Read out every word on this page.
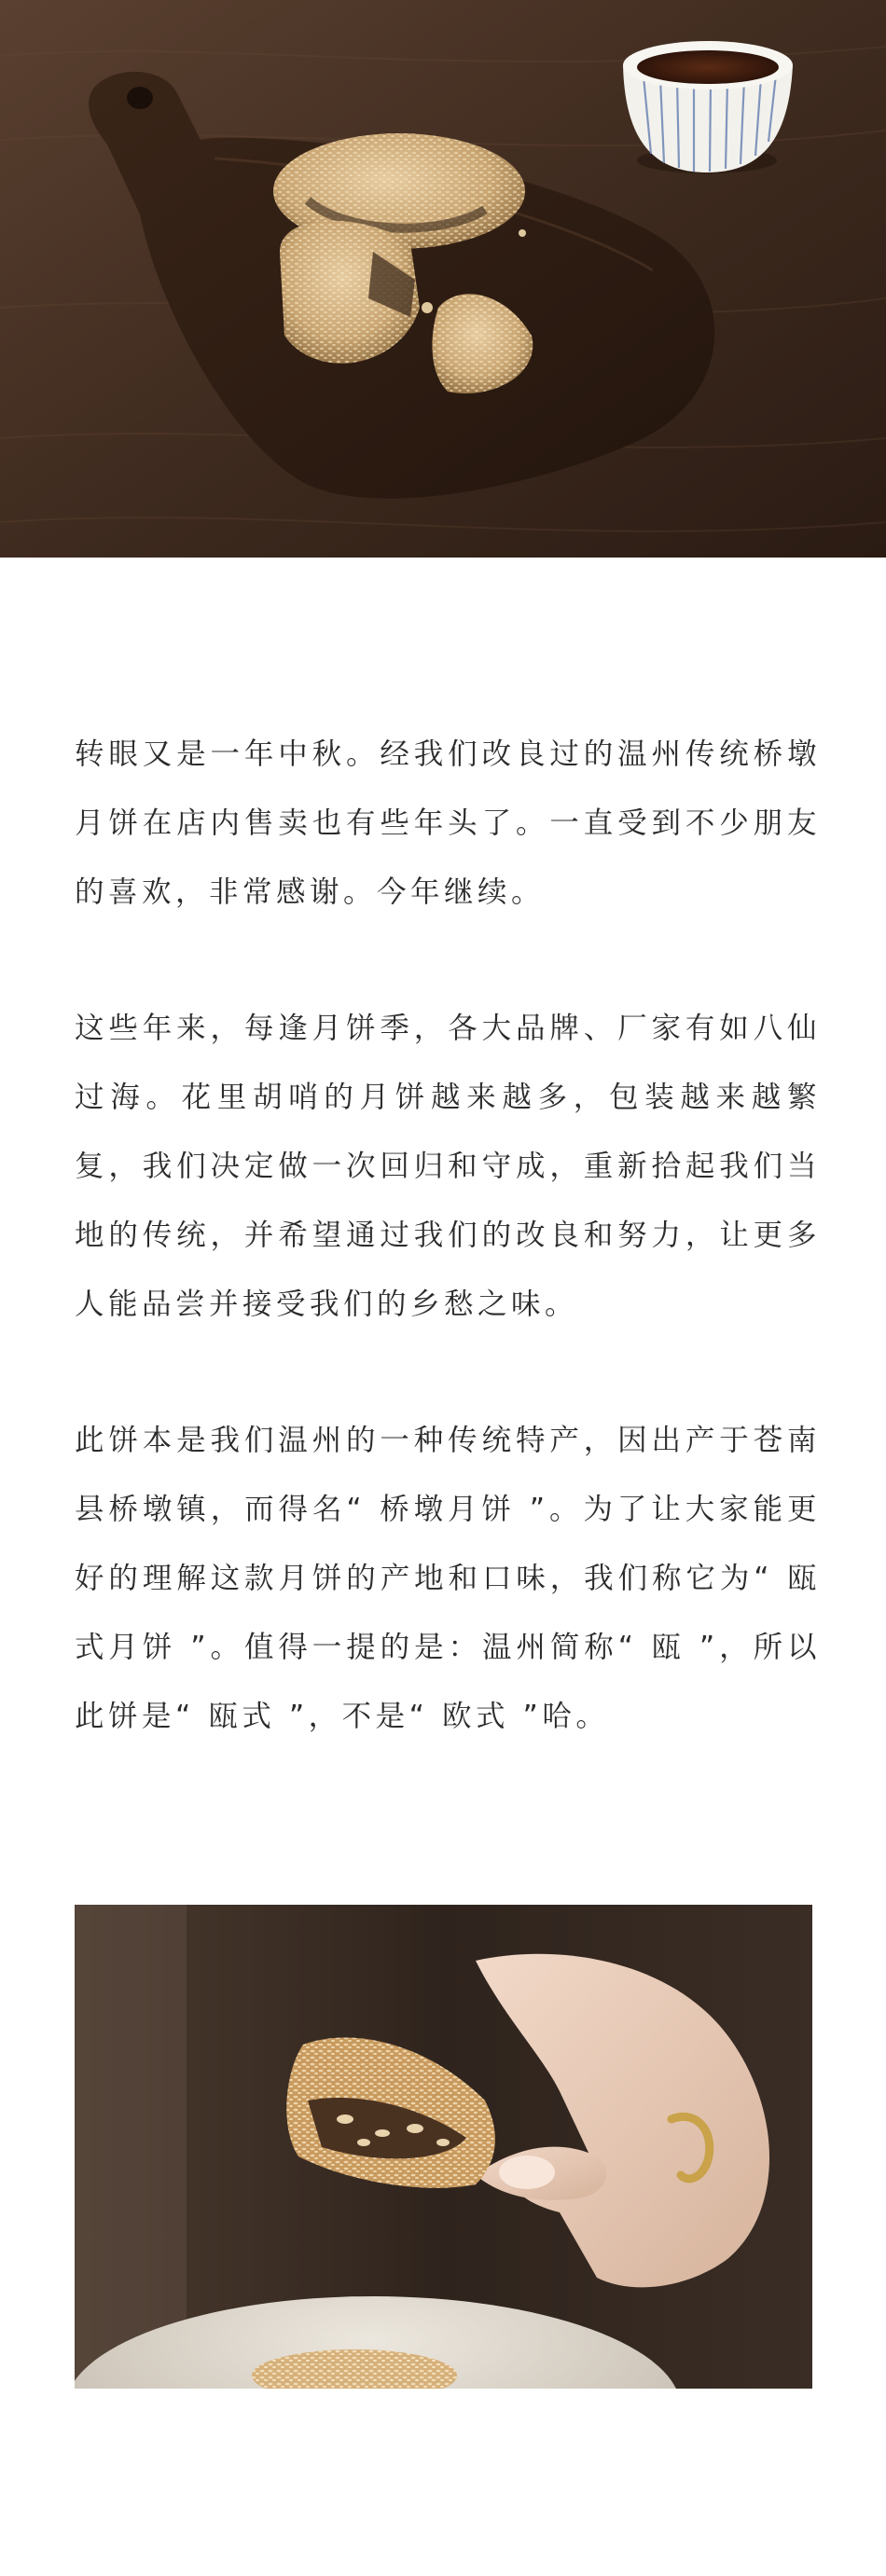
转眼又是一年中秋。经我们改良过的温州传统桥墩月饼在店内售卖也有些年头了。一直受到不少朋友的喜欢，非常感谢。今年继续。

这些年来，每逢月饼季，各大品牌、厂家有如八仙过海。花里胡哨的月饼越来越多，包装越来越繁复，我们决定做一次回归和守成，重新拾起我们当地的传统，并希望通过我们的改良和努力，让更多人能品尝并接受我们的乡愁之味。

此饼本是我们温州的一种传统特产，因出产于苍南县桥墩镇，而得名“ 桥墩月饼 ”。为了让大家能更好的理解这款月饼的产地和口味，我们称它为“ 瓯式月饼 ”。值得一提的是：温州简称“ 瓯 ”，所以此饼是“ 瓯式 ”，不是“ 欧式 ”哈。
